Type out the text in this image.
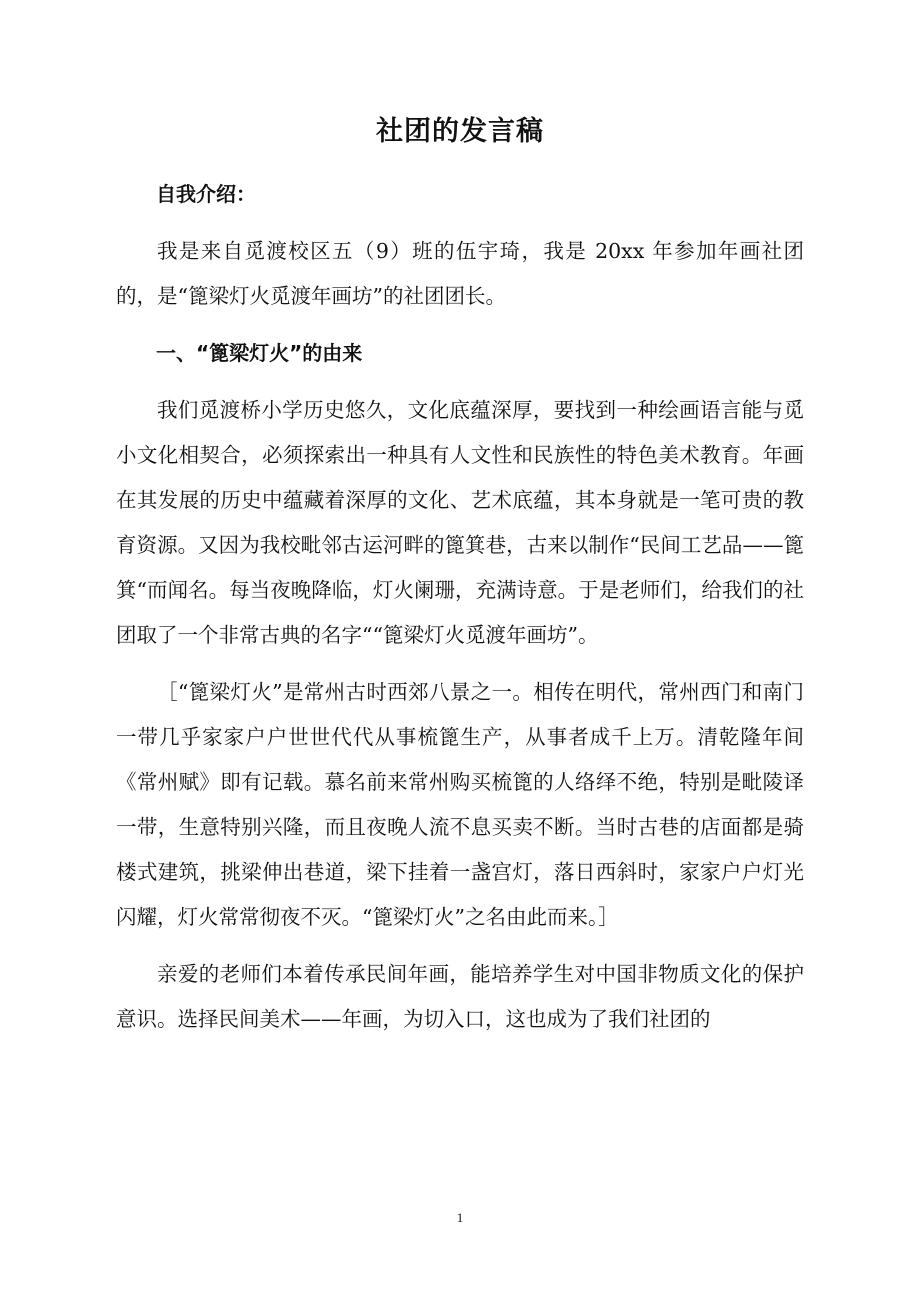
社团的发言稿

自我介绍：

我是来自觅渡校区五（9）班的伍宇琦，我是 20xx 年参加年画社团的，是“篦梁灯火觅渡年画坊”的社团团长。

一、“篦梁灯火”的由来

我们觅渡桥小学历史悠久，文化底蕴深厚，要找到一种绘画语言能与觅小文化相契合，必须探索出一种具有人文性和民族性的特色美术教育。年画在其发展的历史中蕴藏着深厚的文化、艺术底蕴，其本身就是一笔可贵的教育资源。又因为我校毗邻古运河畔的篦箕巷，古来以制作“民间工艺品——篦箕“而闻名。每当夜晚降临，灯火阑珊，充满诗意。于是老师们，给我们的社团取了一个非常古典的名字““篦梁灯火觅渡年画坊”。

［“篦梁灯火”是常州古时西郊八景之一。相传在明代，常州西门和南门一带几乎家家户户世世代代从事梳篦生产，从事者成千上万。清乾隆年间《常州赋》即有记载。慕名前来常州购买梳篦的人络绎不绝，特别是毗陵译一带，生意特别兴隆，而且夜晚人流不息买卖不断。当时古巷的店面都是骑楼式建筑，挑梁伸出巷道，梁下挂着一盏宫灯，落日西斜时，家家户户灯光闪耀，灯火常常彻夜不灭。“篦梁灯火”之名由此而来。］

亲爱的老师们本着传承民间年画，能培养学生对中国非物质文化的保护意识。选择民间美术——年画，为切入口，这也成为了我们社团的

1
